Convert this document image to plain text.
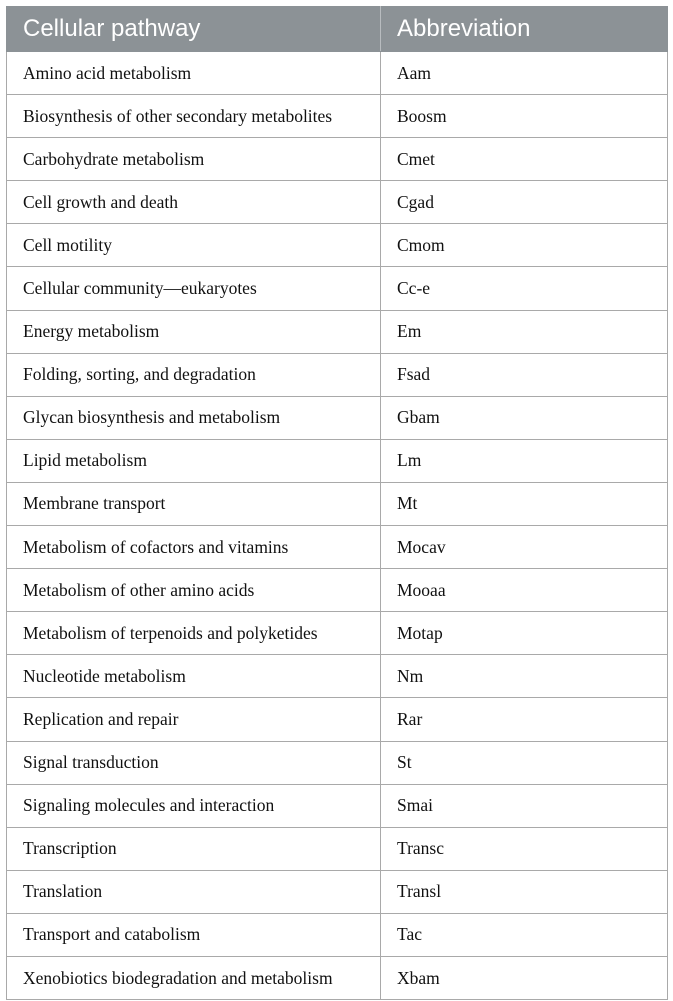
Cellular pathway	Abbreviation
Amino acid metabolism	Aam
Biosynthesis of other secondary metabolites	Boosm
Carbohydrate metabolism	Cmet
Cell growth and death	Cgad
Cell motility	Cmom
Cellular community—eukaryotes	Cc-e
Energy metabolism	Em
Folding, sorting, and degradation	Fsad
Glycan biosynthesis and metabolism	Gbam
Lipid metabolism	Lm
Membrane transport	Mt
Metabolism of cofactors and vitamins	Mocav
Metabolism of other amino acids	Mooaa
Metabolism of terpenoids and polyketides	Motap
Nucleotide metabolism	Nm
Replication and repair	Rar
Signal transduction	St
Signaling molecules and interaction	Smai
Transcription	Transc
Translation	Transl
Transport and catabolism	Tac
Xenobiotics biodegradation and metabolism	Xbam
